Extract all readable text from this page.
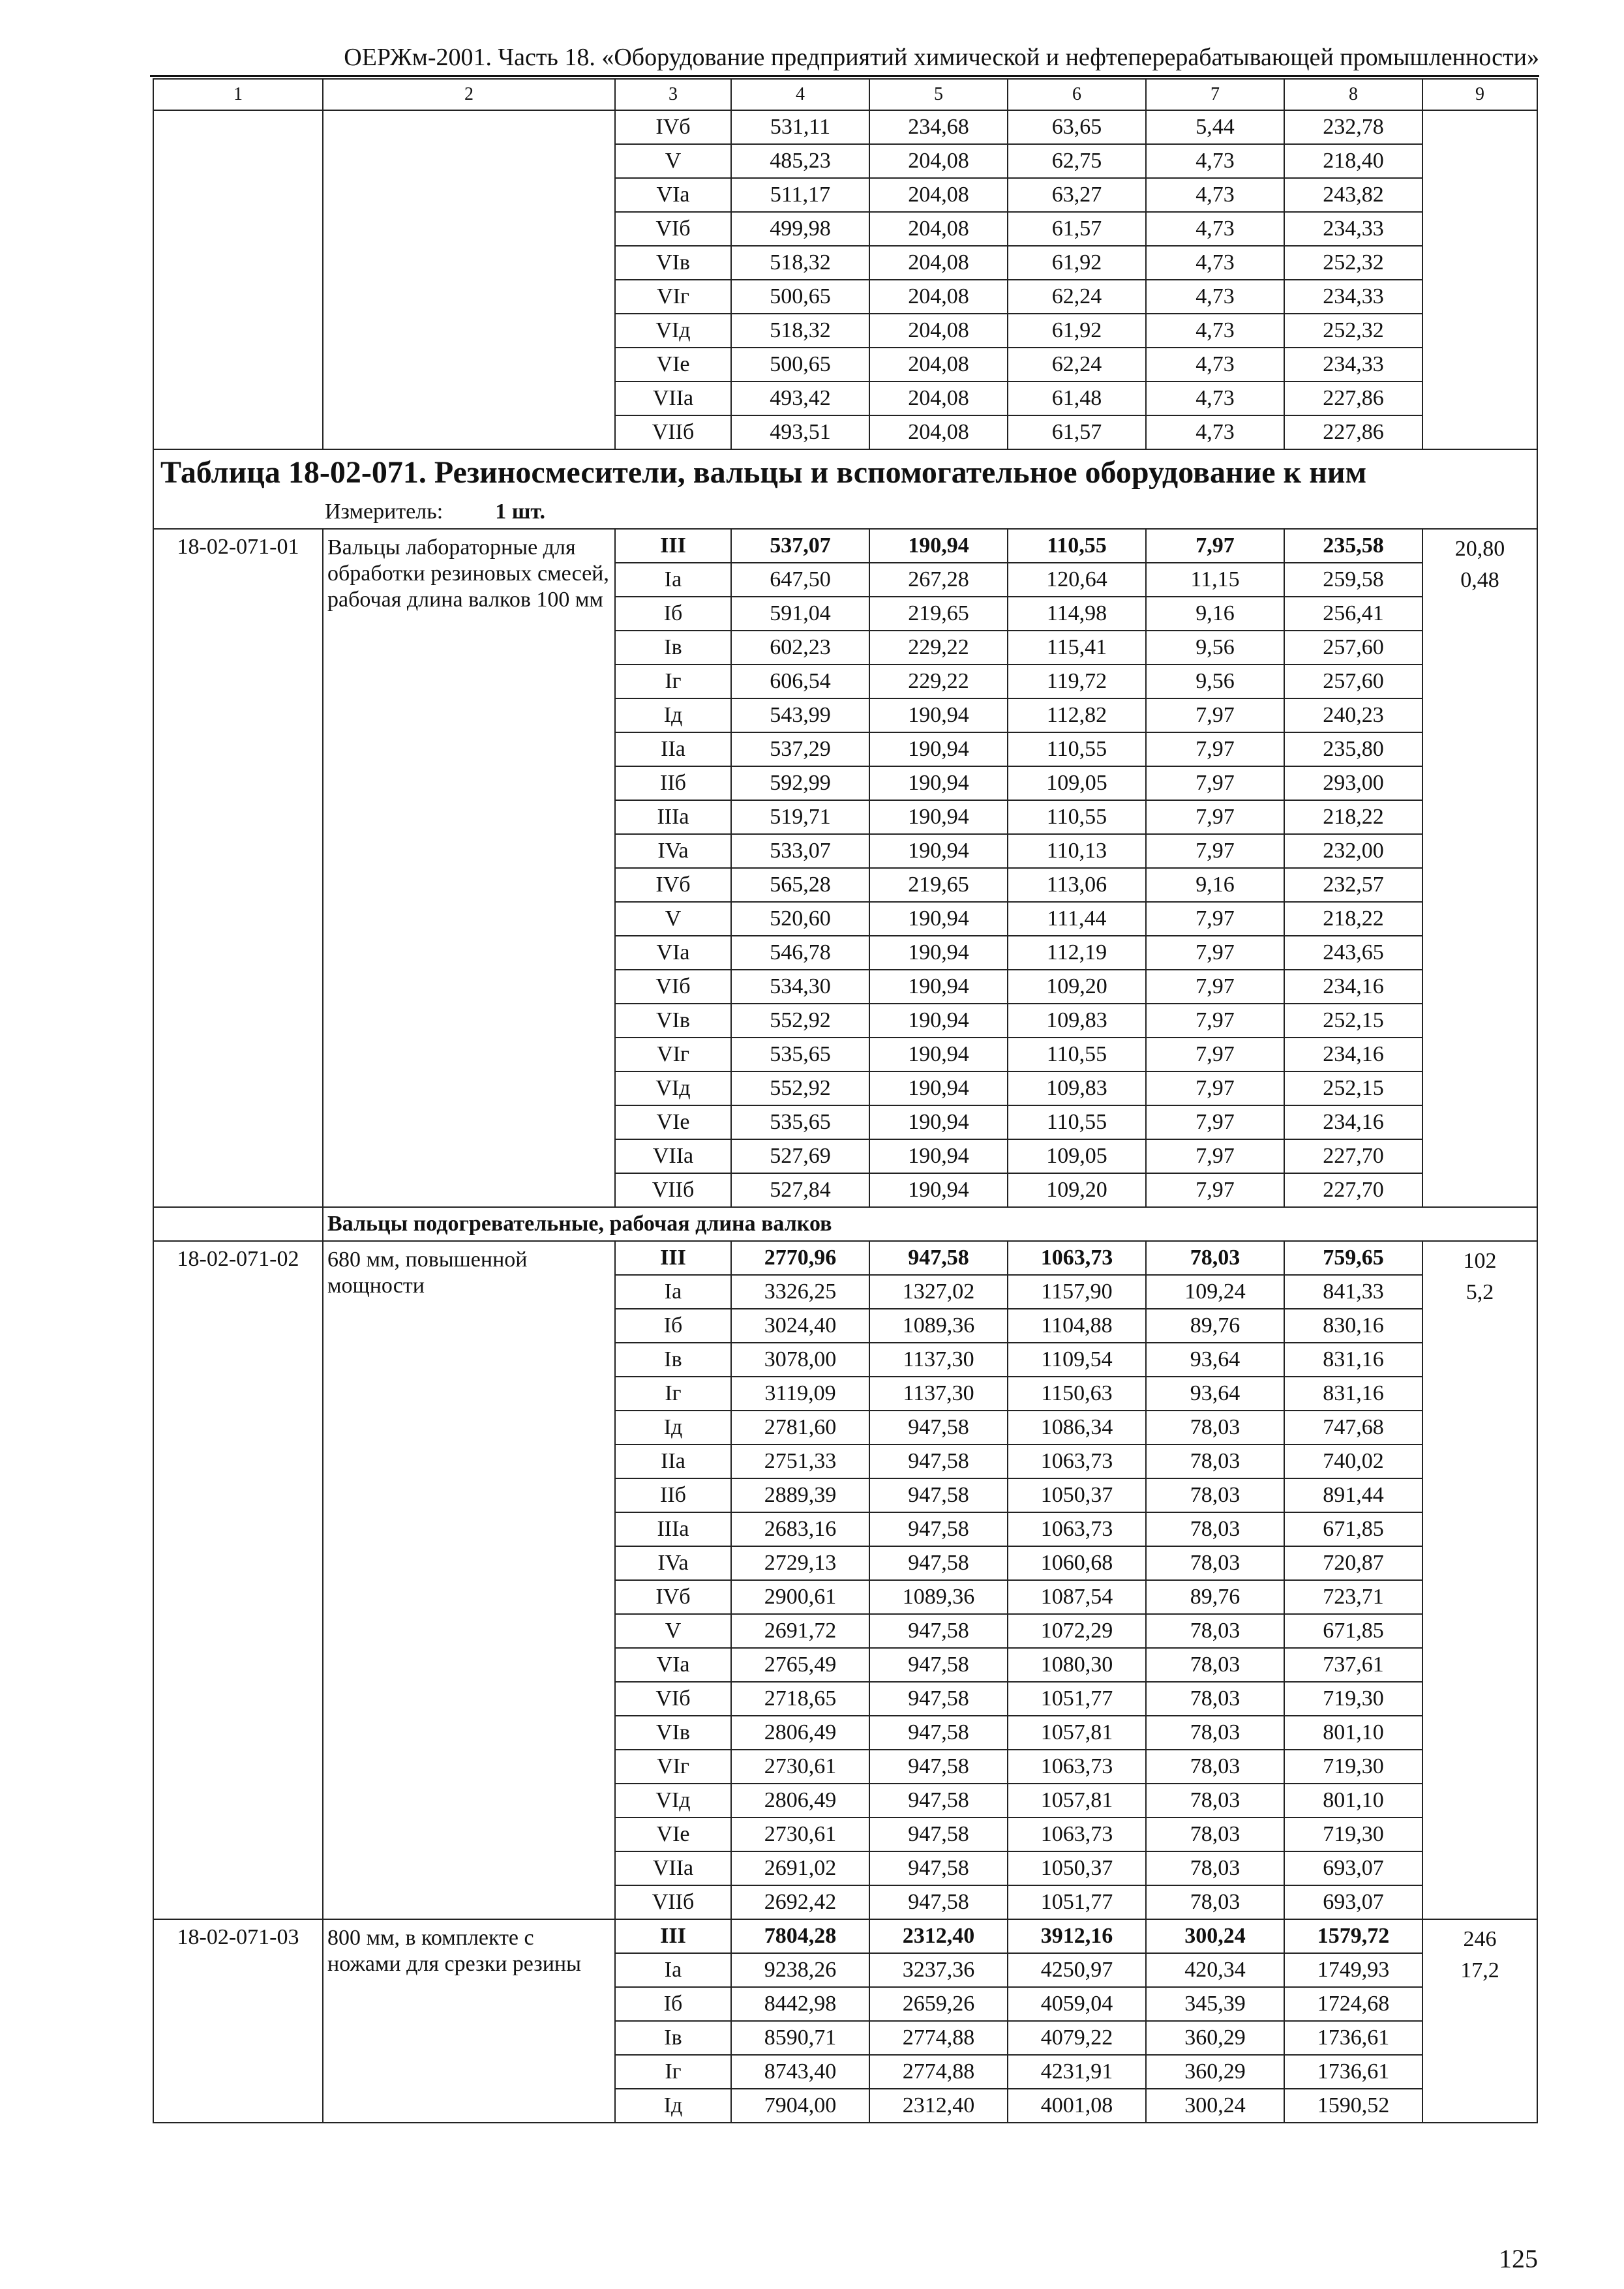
ОЕРЖм-2001. Часть 18. «Оборудование предприятий химической и нефтеперерабатывающей промышленности»
1	2	3	4	5	6	7	8	9
		IVб	531,11	234,68	63,65	5,44	232,78	
		V	485,23	204,08	62,75	4,73	218,40	
		VIa	511,17	204,08	63,27	4,73	243,82	
		VIб	499,98	204,08	61,57	4,73	234,33	
		VIв	518,32	204,08	61,92	4,73	252,32	
		VIг	500,65	204,08	62,24	4,73	234,33	
		VIд	518,32	204,08	61,92	4,73	252,32	
		VIe	500,65	204,08	62,24	4,73	234,33	
		VIIa	493,42	204,08	61,48	4,73	227,86	
		VIIб	493,51	204,08	61,57	4,73	227,86	
Таблица 18-02-071. Резиносмесители, вальцы и вспомогательное оборудование к ним								
Измеритель: 1 шт.								
18-02-071-01	Вальцы лабораторные для обработки резиновых смесей, рабочая длина валков 100 мм	III	537,07	190,94	110,55	7,97	235,58	20,80
0,48

		Ia	647,50	267,28	120,64	11,15	259,58	
		Iб	591,04	219,65	114,98	9,16	256,41	
		Iв	602,23	229,22	115,41	9,56	257,60	
		Iг	606,54	229,22	119,72	9,56	257,60	
		Iд	543,99	190,94	112,82	7,97	240,23	
		IIa	537,29	190,94	110,55	7,97	235,80	
		IIб	592,99	190,94	109,05	7,97	293,00	
		IIIa	519,71	190,94	110,55	7,97	218,22	
		IVa	533,07	190,94	110,13	7,97	232,00	
		IVб	565,28	219,65	113,06	9,16	232,57	
		V	520,60	190,94	111,44	7,97	218,22	
		VIa	546,78	190,94	112,19	7,97	243,65	
		VIб	534,30	190,94	109,20	7,97	234,16	
		VIв	552,92	190,94	109,83	7,97	252,15	
		VIг	535,65	190,94	110,55	7,97	234,16	
		VIд	552,92	190,94	109,83	7,97	252,15	
		VIe	535,65	190,94	110,55	7,97	234,16	
		VIIa	527,69	190,94	109,05	7,97	227,70	
		VIIб	527,84	190,94	109,20	7,97	227,70	
	Вальцы подогревательные, рабочая длина валков							
18-02-071-02	680 мм, повышенной мощности	III	2770,96	947,58	1063,73	78,03	759,65	102
5,2

		Ia	3326,25	1327,02	1157,90	109,24	841,33	
		Iб	3024,40	1089,36	1104,88	89,76	830,16	
		Iв	3078,00	1137,30	1109,54	93,64	831,16	
		Iг	3119,09	1137,30	1150,63	93,64	831,16	
		Iд	2781,60	947,58	1086,34	78,03	747,68	
		IIa	2751,33	947,58	1063,73	78,03	740,02	
		IIб	2889,39	947,58	1050,37	78,03	891,44	
		IIIa	2683,16	947,58	1063,73	78,03	671,85	
		IVa	2729,13	947,58	1060,68	78,03	720,87	
		IVб	2900,61	1089,36	1087,54	89,76	723,71	
		V	2691,72	947,58	1072,29	78,03	671,85	
		VIa	2765,49	947,58	1080,30	78,03	737,61	
		VIб	2718,65	947,58	1051,77	78,03	719,30	
		VIв	2806,49	947,58	1057,81	78,03	801,10	
		VIг	2730,61	947,58	1063,73	78,03	719,30	
		VIд	2806,49	947,58	1057,81	78,03	801,10	
		VIe	2730,61	947,58	1063,73	78,03	719,30	
		VIIa	2691,02	947,58	1050,37	78,03	693,07	
		VIIб	2692,42	947,58	1051,77	78,03	693,07	
18-02-071-03	800 мм, в комплекте с ножами для срезки резины	III	7804,28	2312,40	3912,16	300,24	1579,72	246
17,2

		Ia	9238,26	3237,36	4250,97	420,34	1749,93	
		Iб	8442,98	2659,26	4059,04	345,39	1724,68	
		Iв	8590,71	2774,88	4079,22	360,29	1736,61	
		Iг	8743,40	2774,88	4231,91	360,29	1736,61	
		Iд	7904,00	2312,40	4001,08	300,24	1590,52	
125
